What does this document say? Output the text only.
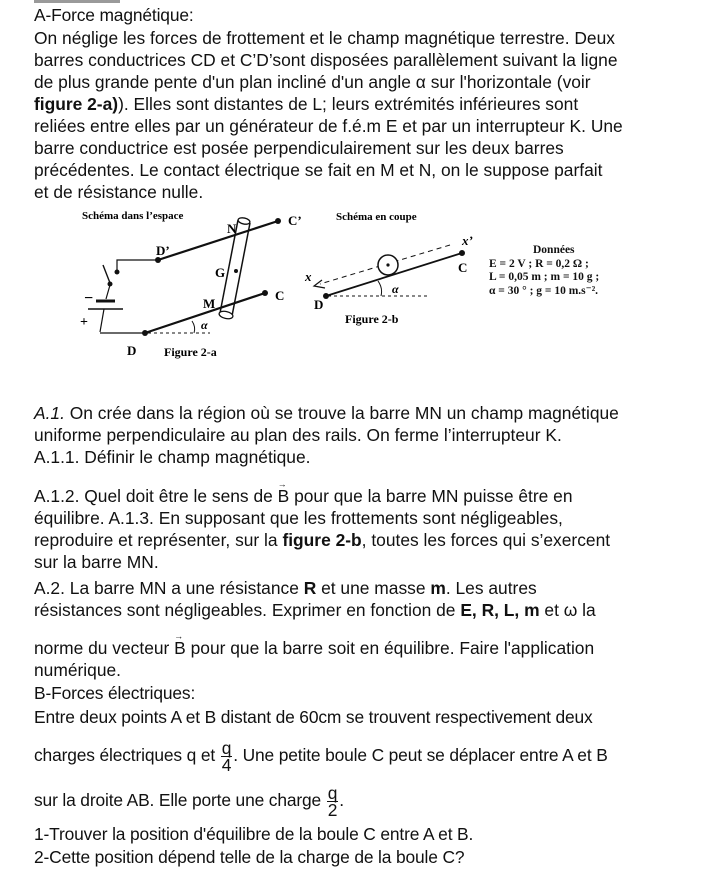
A-Force magnétique:
On néglige les forces de frottement et le champ magnétique terrestre. Deux
barres conductrices CD et C’D’sont disposées parallèlement suivant la ligne
de plus grande pente d'un plan incliné d'un angle α sur l'horizontale (voir
figure 2-a)). Elles sont distantes de L; leurs extrémités inférieures sont
reliées entre elles par un générateur de f.é.m E et par un interrupteur K. Une
barre conductrice est posée perpendiculairement sur les deux barres
précédentes. Le contact électrique se fait en M et N, on le suppose parfait
et de résistance nulle.
Schéma dans l’espace
−
+
N
C’
D’
G
M
C
α
D Figure 2-a
Schéma en coupe
x’
x
C
D
α
Figure 2-b
Données
E = 2 V ; R = 0,2 Ω ;
L = 0,05 m ; m = 10 g ;
α = 30 ° ; g = 10 m.s⁻².
A.1. On crée dans la région où se trouve la barre MN un champ magnétique
uniforme perpendiculaire au plan des rails. On ferme l’interrupteur K.
A.1.1. Définir le champ magnétique.
A.1.2. Quel doit être le sens de → B pour que la barre MN puisse être en
équilibre. A.1.3. En supposant que les frottements sont négligeables,
reproduire et représenter, sur la figure 2-b, toutes les forces qui s’exercent
sur la barre MN.
A.2. La barre MN a une résistance R et une masse m. Les autres
résistances sont négligeables. Exprimer en fonction de E, R, L, m et ω la
norme du vecteur → B pour que la barre soit en équilibre. Faire l'application
numérique.
B-Forces électriques:
Entre deux points A et B distant de 60cm se trouvent respectivement deux
charges électriques q et $\frac{q}{4}$ . Une petite boule C peut se déplacer entre A et B
sur la droite AB. Elle porte une charge $\frac{q}{2}$ .
1-Trouver la position d'équilibre de la boule C entre A et B.
2-Cette position dépend telle de la charge de la boule C?
